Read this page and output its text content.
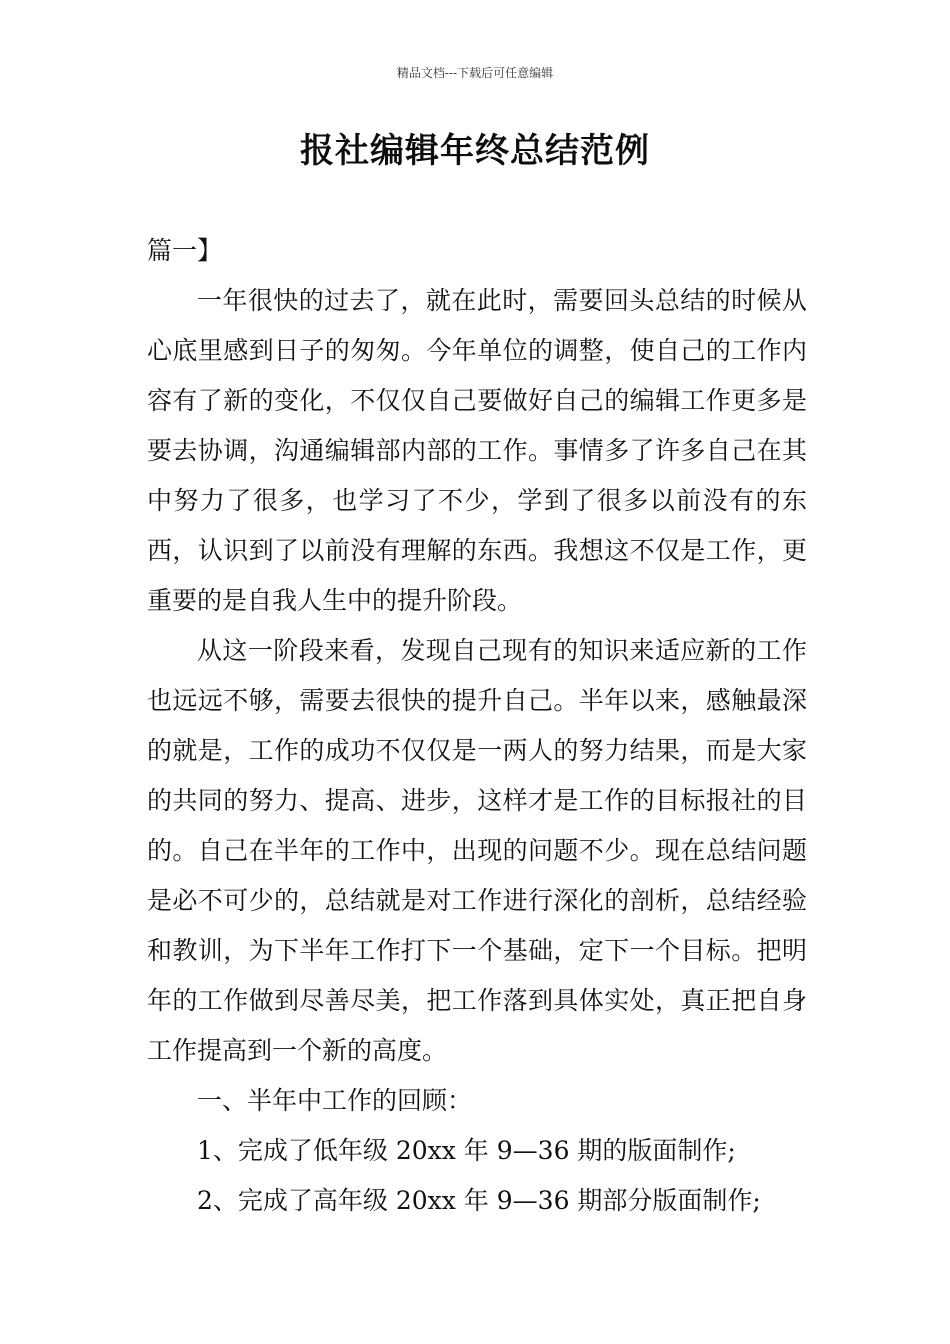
精品文档---下载后可任意编辑
报社编辑年终总结范例

篇一】

一年很快的过去了，就在此时，需要回头总结的时候从心底里感到日子的匆匆。今年单位的调整，使自己的工作内容有了新的变化，不仅仅自己要做好自己的编辑工作更多是要去协调，沟通编辑部内部的工作。事情多了许多自己在其中努力了很多，也学习了不少，学到了很多以前没有的东西，认识到了以前没有理解的东西。我想这不仅是工作，更重要的是自我人生中的提升阶段。

从这一阶段来看，发现自己现有的知识来适应新的工作也远远不够，需要去很快的提升自己。半年以来，感触最深的就是，工作的成功不仅仅是一两人的努力结果，而是大家的共同的努力、提高、进步，这样才是工作的目标报社的目的。自己在半年的工作中，出现的问题不少。现在总结问题是必不可少的，总结就是对工作进行深化的剖析，总结经验和教训，为下半年工作打下一个基础，定下一个目标。把明年的工作做到尽善尽美，把工作落到具体实处，真正把自身工作提高到一个新的高度。

一、半年中工作的回顾：

1、完成了低年级 20xx 年 9—36 期的版面制作;

2、完成了高年级 20xx 年 9—36 期部分版面制作;
